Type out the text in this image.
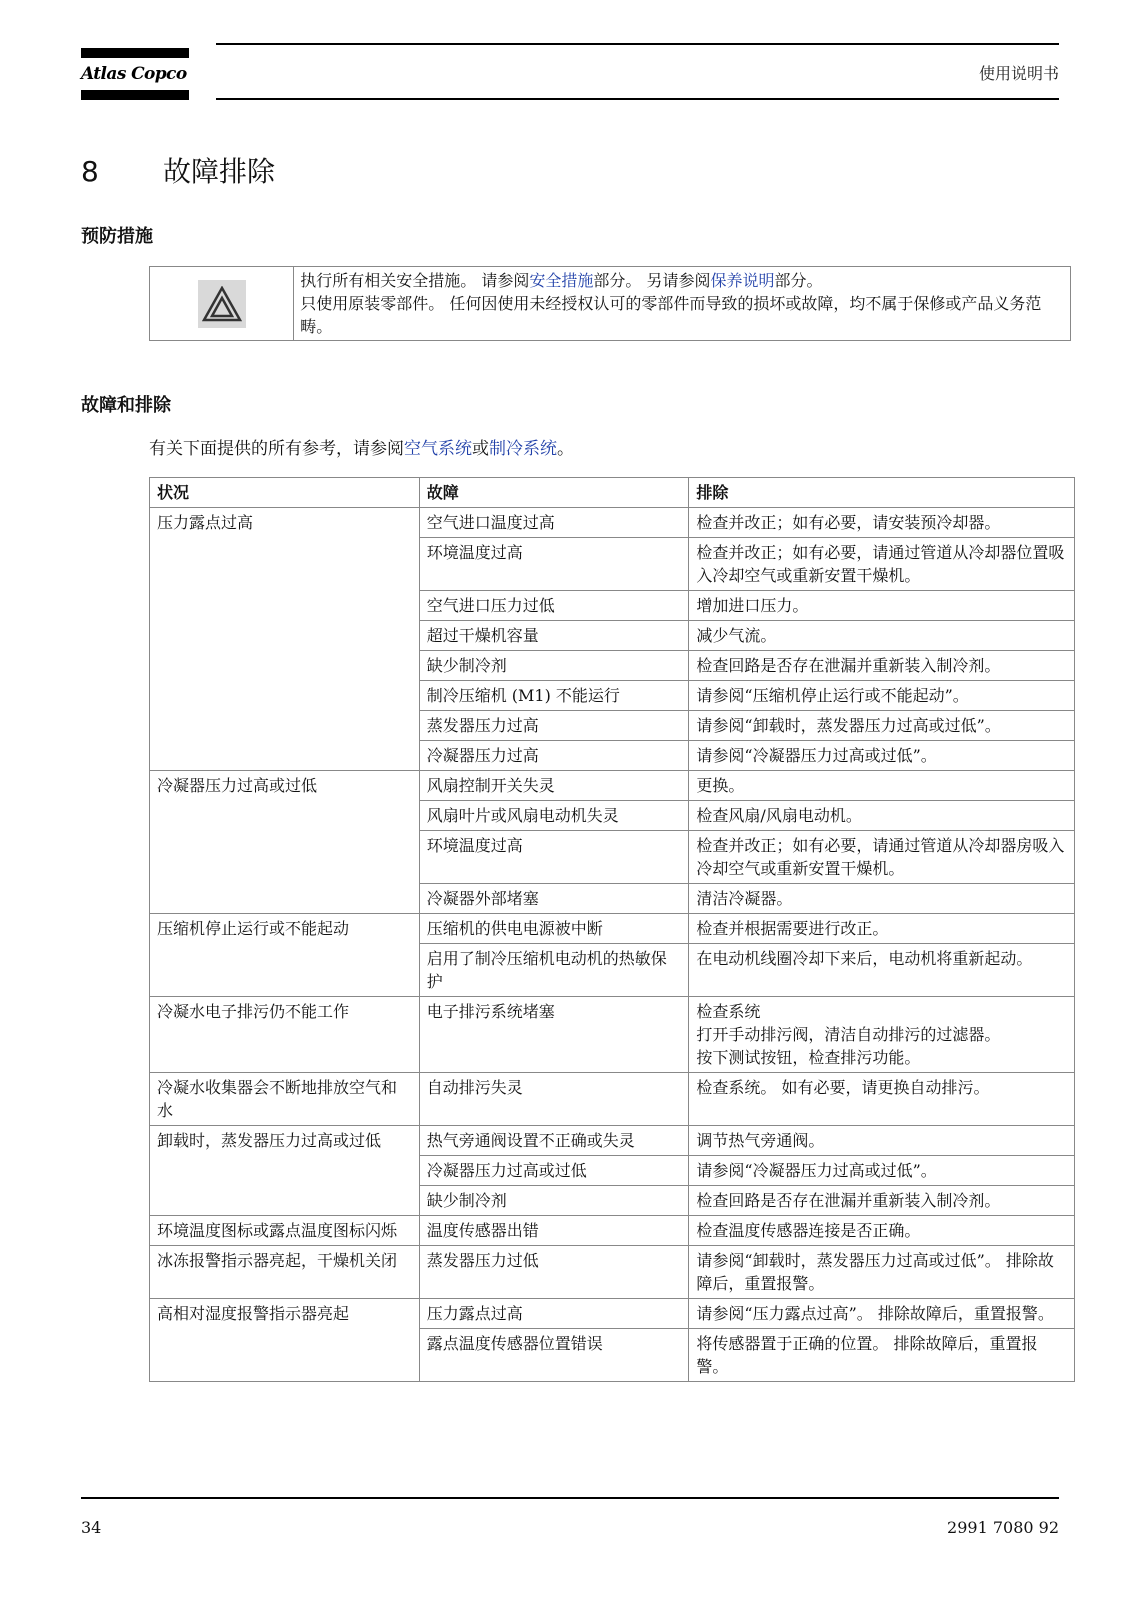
Atlas Copco	使用说明书
8 故障排除
预防措施
执行所有相关安全措施。 请参阅安全措施部分。 另请参阅保养说明部分。
只使用原装零部件。 任何因使用未经授权认可的零部件而导致的损坏或故障，均不属于保修或产品义务范畴。
故障和排除
有关下面提供的所有参考，请参阅空气系统或制冷系统。
状况	故障	排除
压力露点过高	空气进口温度过高	检查并改正；如有必要，请安装预冷却器。
	环境温度过高	检查并改正；如有必要，请通过管道从冷却器位置吸入冷却空气或重新安置干燥机。
	空气进口压力过低	增加进口压力。
	超过干燥机容量	减少气流。
	缺少制冷剂	检查回路是否存在泄漏并重新装入制冷剂。
	制冷压缩机 (M1) 不能运行	请参阅“压缩机停止运行或不能起动”。
	蒸发器压力过高	请参阅“卸载时，蒸发器压力过高或过低”。
	冷凝器压力过高	请参阅“冷凝器压力过高或过低”。
冷凝器压力过高或过低	风扇控制开关失灵	更换。
	风扇叶片或风扇电动机失灵	检查风扇/风扇电动机。
	环境温度过高	检查并改正；如有必要，请通过管道从冷却器房吸入冷却空气或重新安置干燥机。
	冷凝器外部堵塞	清洁冷凝器。
压缩机停止运行或不能起动	压缩机的供电电源被中断	检查并根据需要进行改正。
	启用了制冷压缩机电动机的热敏保护	在电动机线圈冷却下来后，电动机将重新起动。
冷凝水电子排污仍不能工作	电子排污系统堵塞	检查系统
打开手动排污阀，清洁自动排污的过滤器。
按下测试按钮，检查排污功能。
冷凝水收集器会不断地排放空气和水	自动排污失灵	检查系统。 如有必要，请更换自动排污。
卸载时，蒸发器压力过高或过低	热气旁通阀设置不正确或失灵	调节热气旁通阀。
	冷凝器压力过高或过低	请参阅“冷凝器压力过高或过低”。
	缺少制冷剂	检查回路是否存在泄漏并重新装入制冷剂。
环境温度图标或露点温度图标闪烁	温度传感器出错	检查温度传感器连接是否正确。
冰冻报警指示器亮起，干燥机关闭	蒸发器压力过低	请参阅“卸载时，蒸发器压力过高或过低”。 排除故障后，重置报警。
高相对湿度报警指示器亮起	压力露点过高	请参阅“压力露点过高”。 排除故障后，重置报警。
	露点温度传感器位置错误	将传感器置于正确的位置。 排除故障后，重置报警。
34	2991 7080 92
